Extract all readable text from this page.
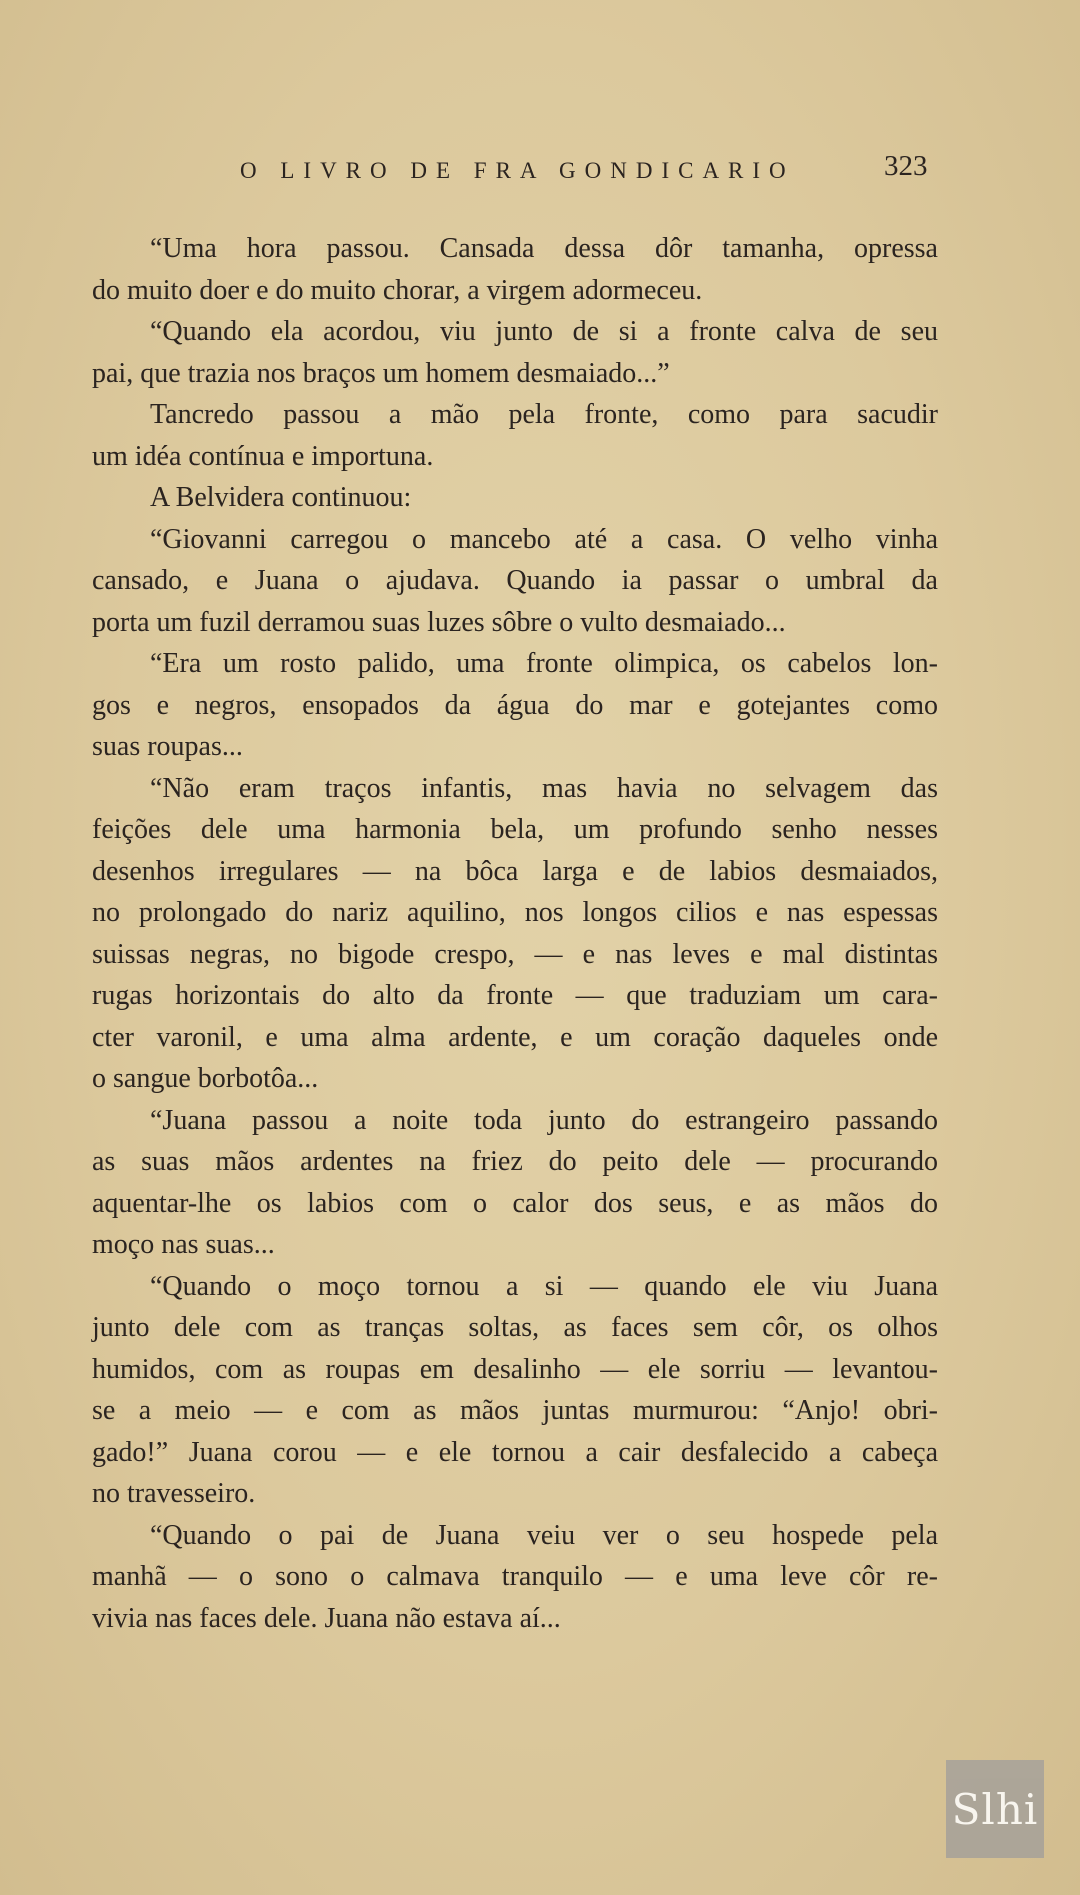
O LIVRO DE FRA GONDICARIO	323
“Uma hora passou. Cansada dessa dôr tamanha, opressa
do muito doer e do muito chorar, a virgem adormeceu.
“Quando ela acordou, viu junto de si a fronte calva de seu
pai, que trazia nos braços um homem desmaiado...”
Tancredo passou a mão pela fronte, como para sacudir
um idéa contínua e importuna.
A Belvidera continuou:
“Giovanni carregou o mancebo até a casa. O velho vinha
cansado, e Juana o ajudava. Quando ia passar o umbral da
porta um fuzil derramou suas luzes sôbre o vulto desmaiado...
“Era um rosto palido, uma fronte olimpica, os cabelos lon-
gos e negros, ensopados da água do mar e gotejantes como
suas roupas...
“Não eram traços infantis, mas havia no selvagem das
feições dele uma harmonia bela, um profundo senho nesses
desenhos irregulares — na bôca larga e de labios desmaiados,
no prolongado do nariz aquilino, nos longos cilios e nas espessas
suissas negras, no bigode crespo, — e nas leves e mal distintas
rugas horizontais do alto da fronte — que traduziam um cara-
cter varonil, e uma alma ardente, e um coração daqueles onde
o sangue borbotôa...
“Juana passou a noite toda junto do estrangeiro passando
as suas mãos ardentes na friez do peito dele — procurando
aquentar-lhe os labios com o calor dos seus, e as mãos do
moço nas suas...
“Quando o moço tornou a si — quando ele viu Juana
junto dele com as tranças soltas, as faces sem côr, os olhos
humidos, com as roupas em desalinho — ele sorriu — levantou-
se a meio — e com as mãos juntas murmurou: “Anjo! obri-
gado!” Juana corou — e ele tornou a cair desfalecido a cabeça
no travesseiro.
“Quando o pai de Juana veiu ver o seu hospede pela
manhã — o sono o calmava tranquilo — e uma leve côr re-
vivia nas faces dele. Juana não estava aí...
Slhi
